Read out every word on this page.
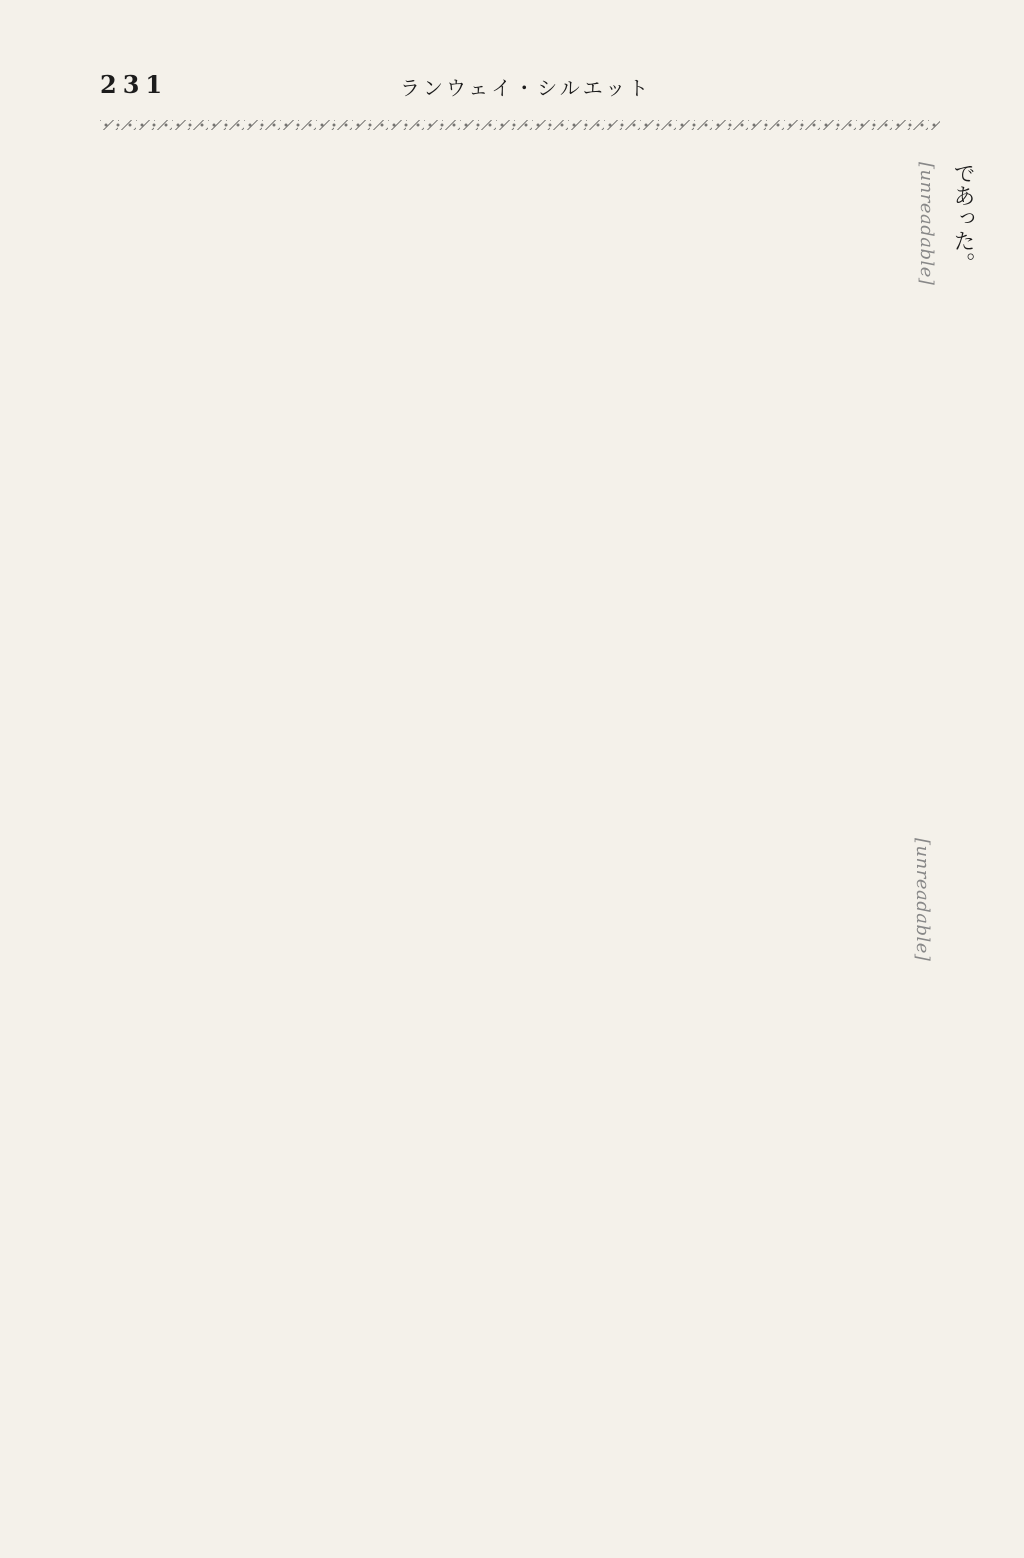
231	ランウェイ・シルエット

であった。

[unreadable]

[unreadable]
